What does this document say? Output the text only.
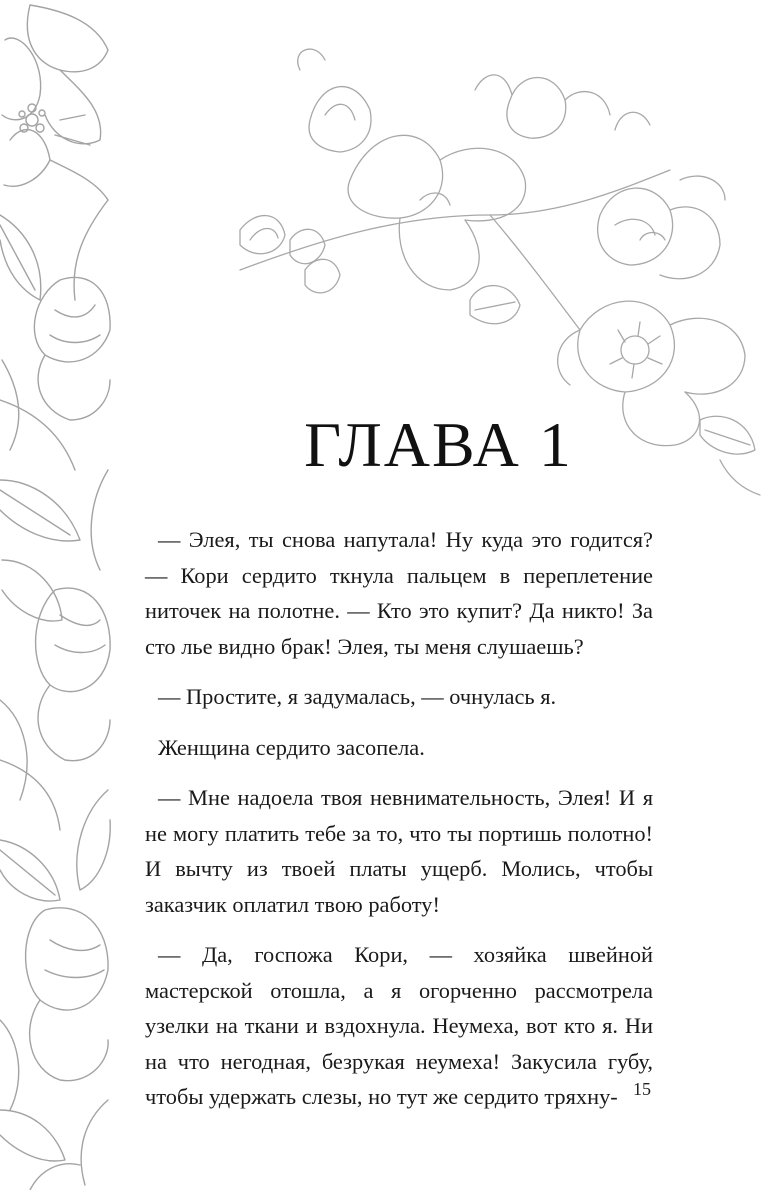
ГЛАВА 1

— Элея, ты снова напутала! Ну куда это годится? — Кори сердито ткнула пальцем в переплетение ниточек на полотне. — Кто это купит? Да никто! За сто лье видно брак! Элея, ты меня слушаешь?

— Простите, я задумалась, — очнулась я.

Женщина сердито засопела.

— Мне надоела твоя невнимательность, Элея! И я не могу платить тебе за то, что ты портишь полотно! И вычту из твоей платы ущерб. Молись, чтобы заказчик оплатил твою работу!

— Да, госпожа Кори, — хозяйка швейной мастерской отошла, а я огорченно рассмотрела узелки на ткани и вздохнула. Неумеха, вот кто я. Ни на что негодная, безрукая неумеха! Закусила губу, чтобы удержать слезы, но тут же сердито тряхну- 15
